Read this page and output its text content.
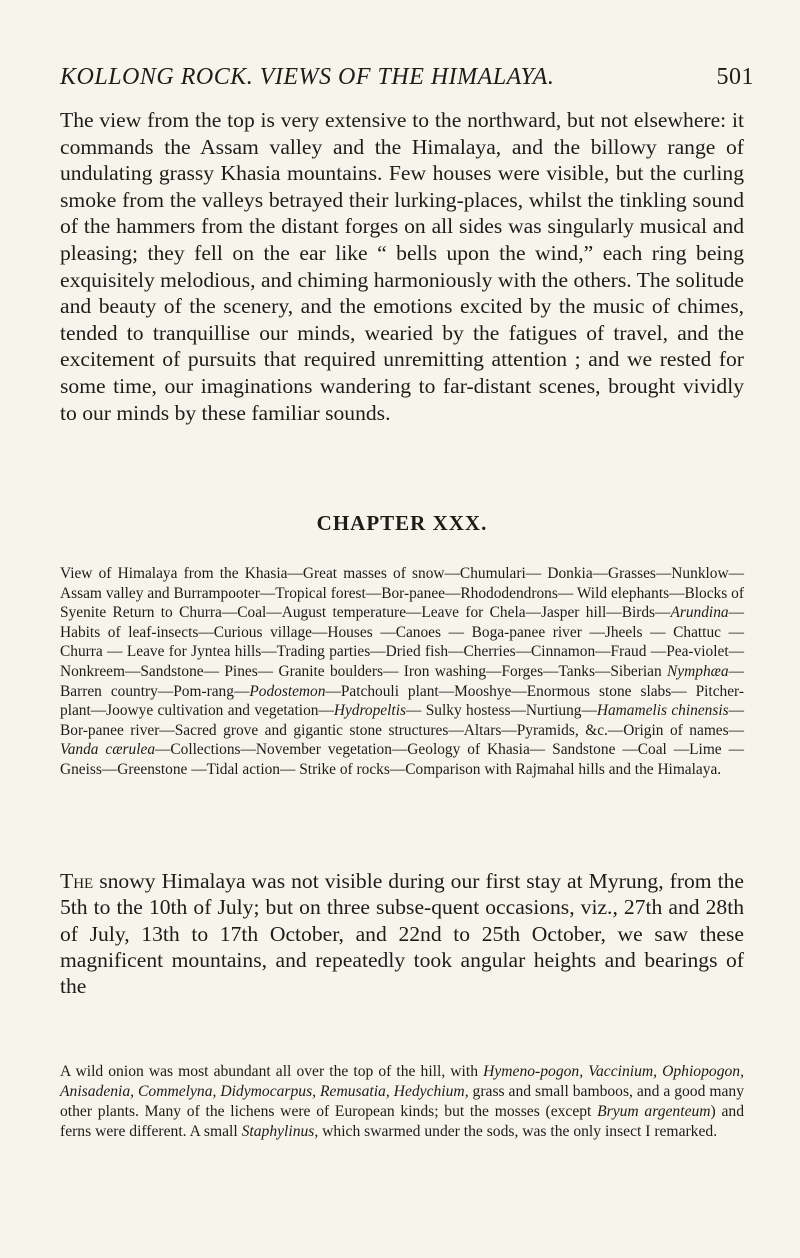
KOLLONG ROCK. VIEWS OF THE HIMALAYA.	501

The view from the top is very extensive to the northward, but not elsewhere: it commands the Assam valley and the Himalaya, and the billowy range of undulating grassy Khasia mountains. Few houses were visible, but the curling smoke from the valleys betrayed their lurking-places, whilst the tinkling sound of the hammers from the distant forges on all sides was singularly musical and pleasing; they fell on the ear like “ bells upon the wind,” each ring being exquisitely melodious, and chiming harmoniously with the others. The solitude and beauty of the scenery, and the emotions excited by the music of chimes, tended to tranquillise our minds, wearied by the fatigues of travel, and the excitement of pursuits that required unremitting attention ; and we rested for some time, our imaginations wandering to far-distant scenes, brought vividly to our minds by these familiar sounds.

CHAPTER XXX.

View of Himalaya from the Khasia—Great masses of snow—Chumulari— Donkia—Grasses—Nunklow—Assam valley and Burrampooter—Tropical forest—Bor-panee—Rhododendrons— Wild elephants—Blocks of Syenite Return to Churra—Coal—August temperature—Leave for Chela—Jasper hill—Birds—Arundina—Habits of leaf-insects—Curious village—Houses —Canoes — Boga-panee river —Jheels — Chattuc — Churra — Leave for Jyntea hills—Trading parties—Dried fish—Cherries—Cinnamon—Fraud —Pea-violet— Nonkreem—Sandstone— Pines— Granite boulders— Iron washing—Forges—Tanks—Siberian Nymphæa— Barren country—Pom-rang—Podostemon—Patchouli plant—Mooshye—Enormous stone slabs— Pitcher-plant—Joowye cultivation and vegetation—Hydropeltis— Sulky hostess—Nurtiung—Hamamelis chinensis—Bor-panee river—Sacred grove and gigantic stone structures—Altars—Pyramids, &c.—Origin of names— Vanda cærulea—Collections—November vegetation—Geology of Khasia— Sandstone —Coal —Lime — Gneiss—Greenstone —Tidal action— Strike of rocks—Comparison with Rajmahal hills and the Himalaya.

The snowy Himalaya was not visible during our first stay at Myrung, from the 5th to the 10th of July; but on three subse-quent occasions, viz., 27th and 28th of July, 13th to 17th October, and 22nd to 25th October, we saw these magnificent mountains, and repeatedly took angular heights and bearings of the

A wild onion was most abundant all over the top of the hill, with Hymeno-pogon, Vaccinium, Ophiopogon, Anisadenia, Commelyna, Didymocarpus, Remusatia, Hedychium, grass and small bamboos, and a good many other plants. Many of the lichens were of European kinds; but the mosses (except Bryum argenteum) and ferns were different. A small Staphylinus, which swarmed under the sods, was the only insect I remarked.
